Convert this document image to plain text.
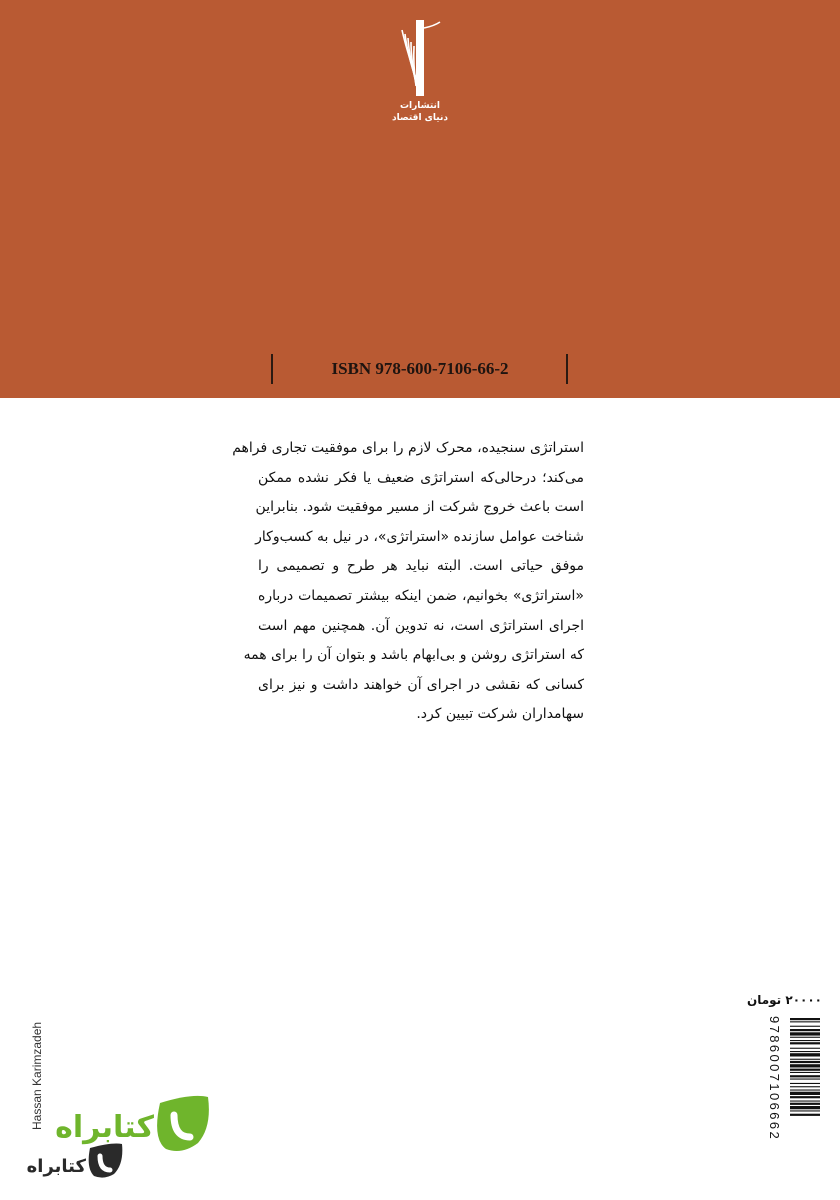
انتشارات
دنیای اقتصاد
ISBN 978-600-7106-66-2
استراتژی سنجیده، محرک لازم را برای موفقیت تجاری فراهم
می‌کند؛ درحالی‌که استراتژی ضعیف یا فکر نشده ممکن
است باعث خروج شرکت از مسیر موفقیت شود. بنابراین
شناخت عوامل سازنده «استراتژی»، در نیل به کسب‌وکار
موفق حیاتی است. البته نباید هر طرح و تصمیمی را
«استراتژی» بخوانیم، ضمن اینکه بیشتر تصمیمات درباره
اجرای استراتژی است، نه تدوین آن. همچنین مهم است
که استراتژی روشن و بی‌ابهام باشد و بتوان آن را برای همه
کسانی که نقشی در اجرای آن خواهند داشت و نیز برای
سهامداران شرکت تبیین کرد.
۲۰۰۰۰ تومان
9786007106662
Hassan Karimzadeh کتابراه
کتابراه
